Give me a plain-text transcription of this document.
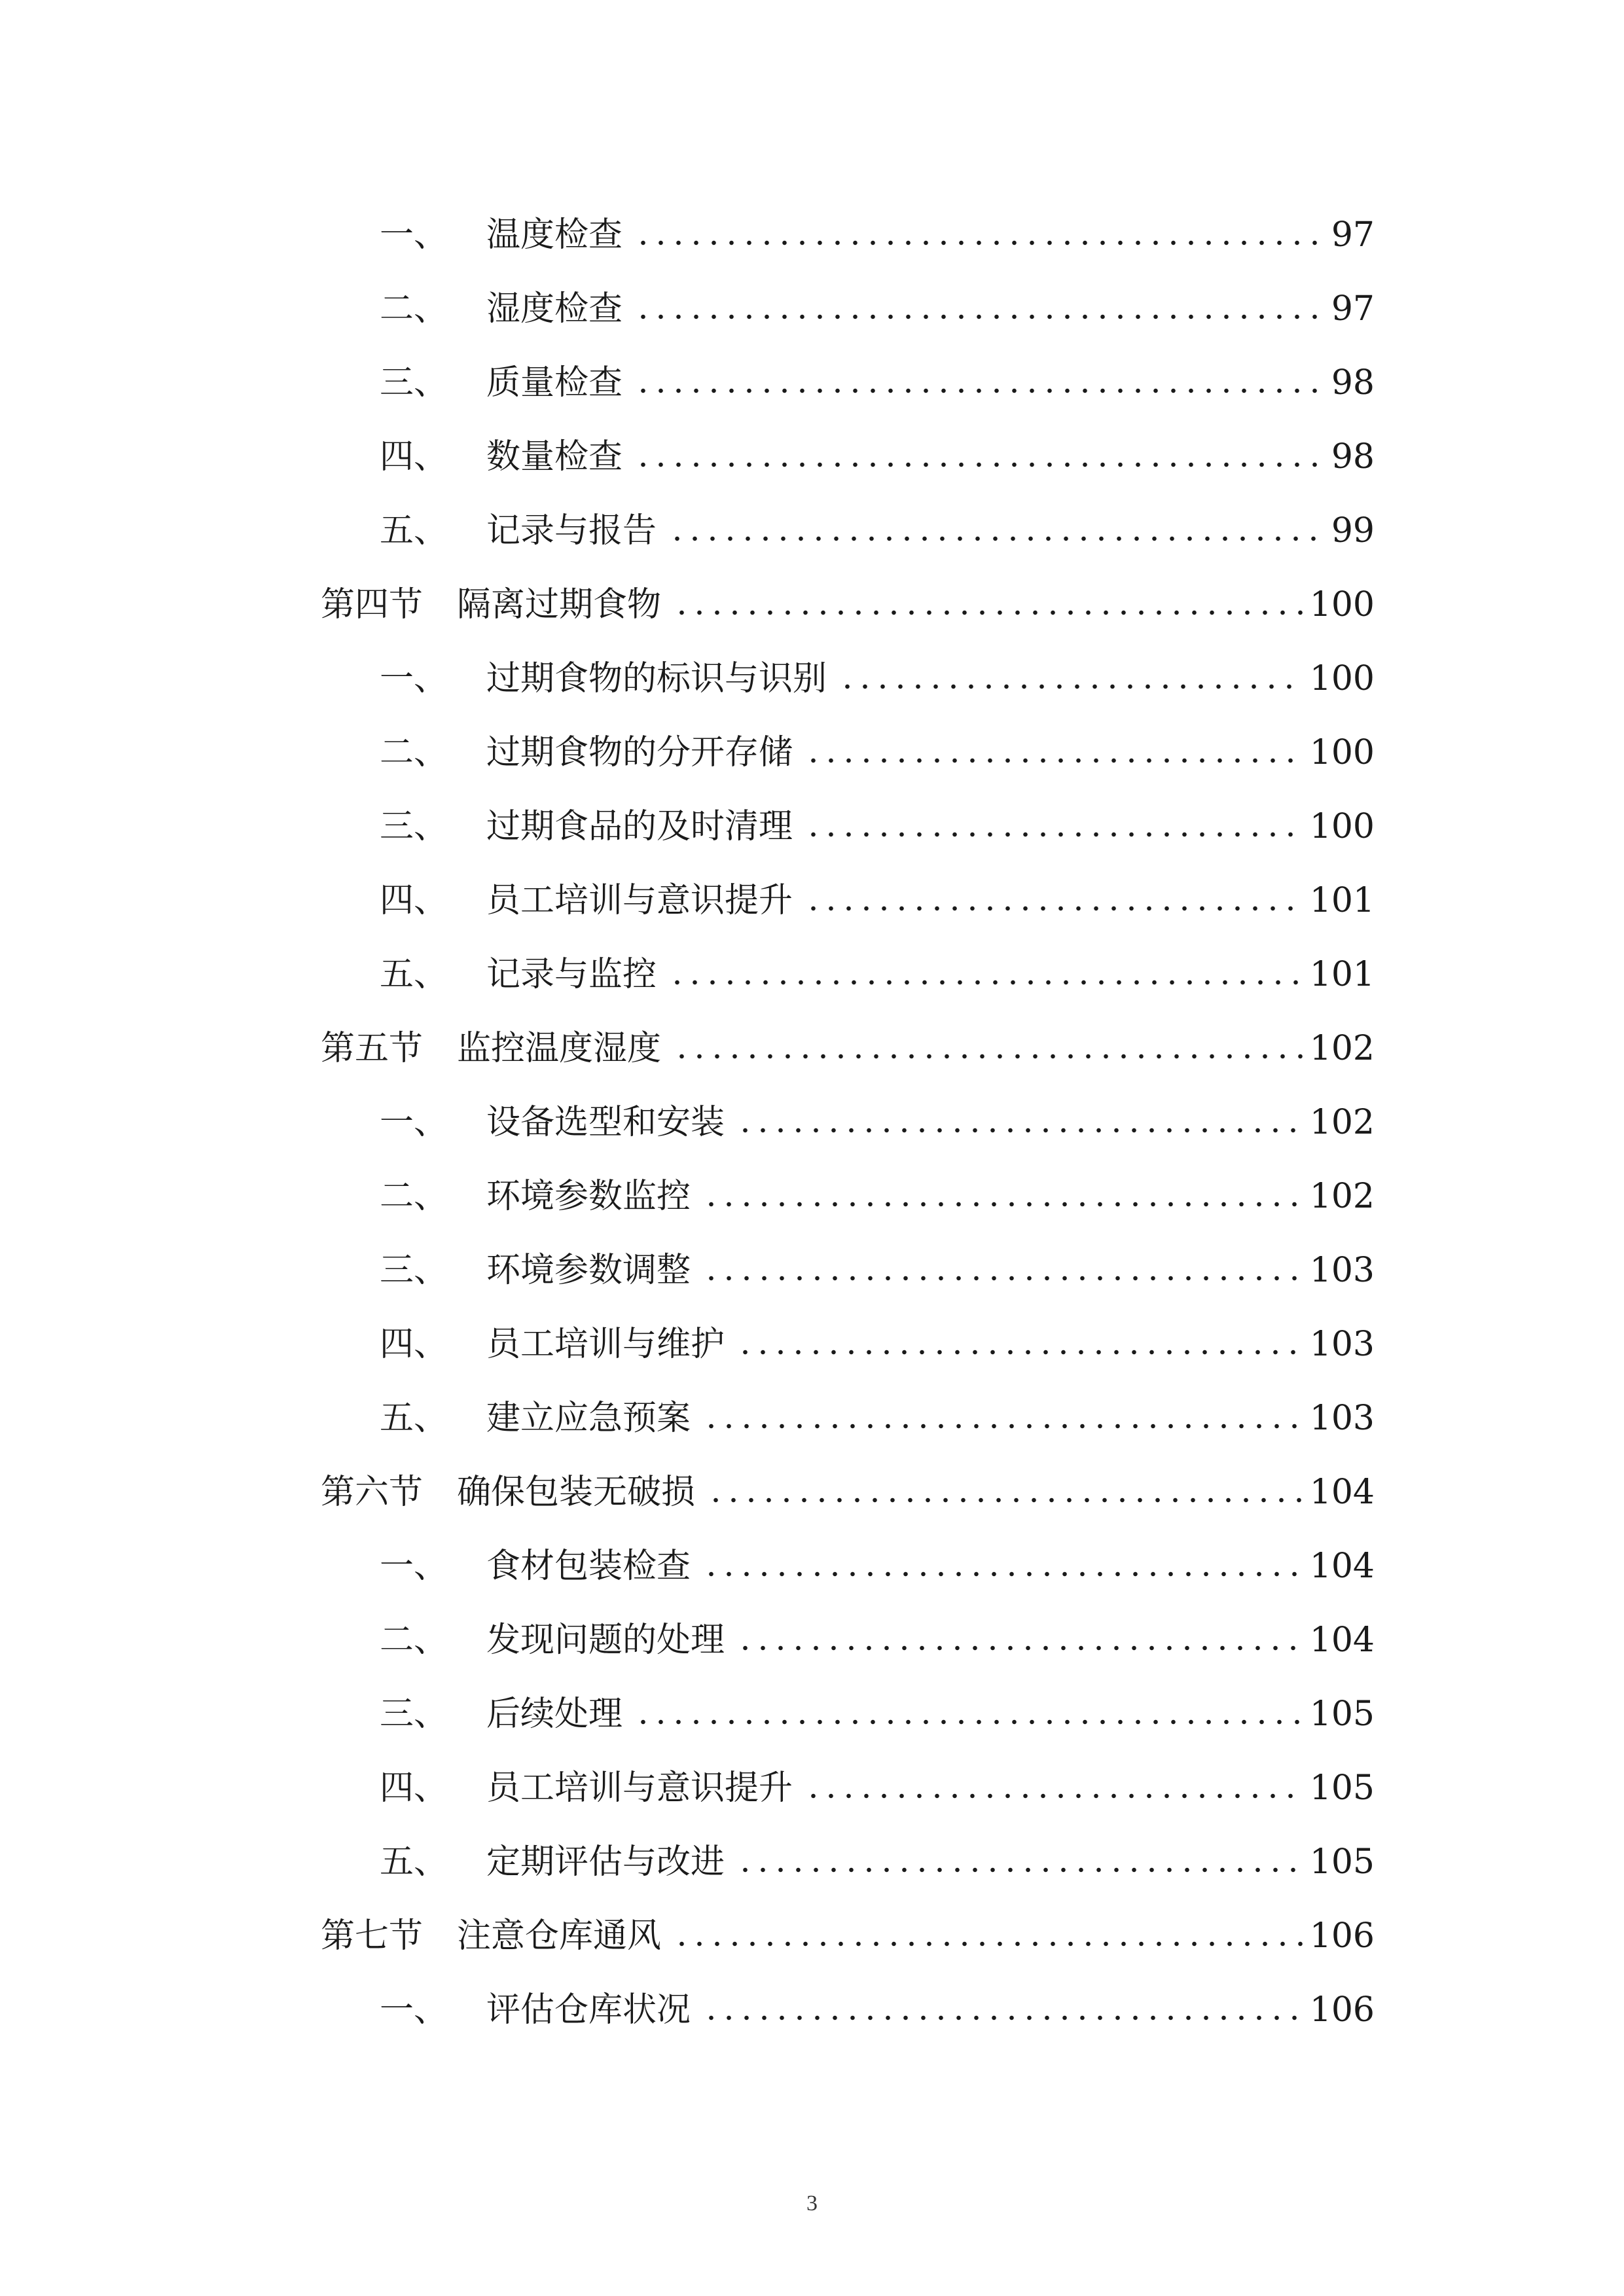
一、	温度检查	97
二、	湿度检查	97
三、	质量检查	98
四、	数量检查	98
五、	记录与报告	99
第四节 隔离过期食物	100
一、	过期食物的标识与识别	100
二、	过期食物的分开存储	100
三、	过期食品的及时清理	100
四、	员工培训与意识提升	101
五、	记录与监控	101
第五节 监控温度湿度	102
一、	设备选型和安装	102
二、	环境参数监控	102
三、	环境参数调整	103
四、	员工培训与维护	103
五、	建立应急预案	103
第六节 确保包装无破损	104
一、	食材包装检查	104
二、	发现问题的处理	104
三、	后续处理	105
四、	员工培训与意识提升	105
五、	定期评估与改进	105
第七节 注意仓库通风	106
一、	评估仓库状况	106
3
